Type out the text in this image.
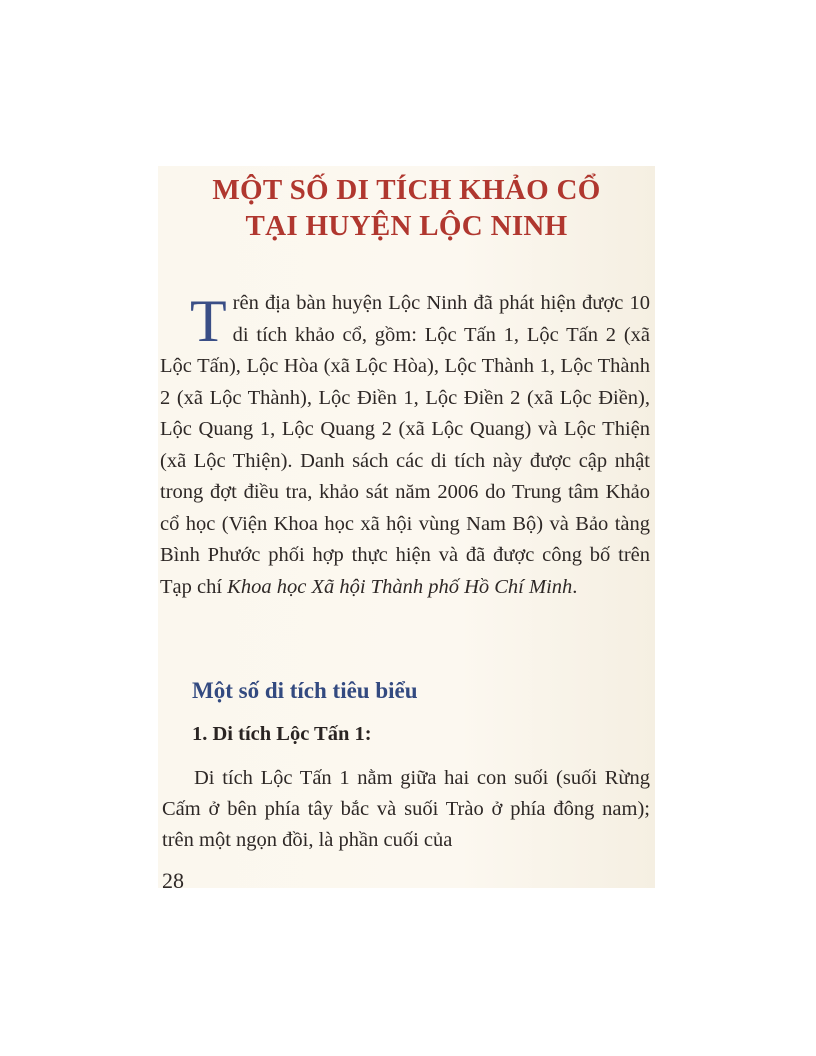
MỘT SỐ DI TÍCH KHẢO CỔ
TẠI HUYỆN LỘC NINH

Trên địa bàn huyện Lộc Ninh đã phát hiện được 10 di tích khảo cổ, gồm: Lộc Tấn 1, Lộc Tấn 2 (xã Lộc Tấn), Lộc Hòa (xã Lộc Hòa), Lộc Thành 1, Lộc Thành 2 (xã Lộc Thành), Lộc Điền 1, Lộc Điền 2 (xã Lộc Điền), Lộc Quang 1, Lộc Quang 2 (xã Lộc Quang) và Lộc Thiện (xã Lộc Thiện). Danh sách các di tích này được cập nhật trong đợt điều tra, khảo sát năm 2006 do Trung tâm Khảo cổ học (Viện Khoa học xã hội vùng Nam Bộ) và Bảo tàng Bình Phước phối hợp thực hiện và đã được công bố trên Tạp chí Khoa học Xã hội Thành phố Hồ Chí Minh.

Một số di tích tiêu biểu
1. Di tích Lộc Tấn 1:

Di tích Lộc Tấn 1 nằm giữa hai con suối (suối Rừng Cấm ở bên phía tây bắc và suối Trào ở phía đông nam); trên một ngọn đồi, là phần cuối của

28
